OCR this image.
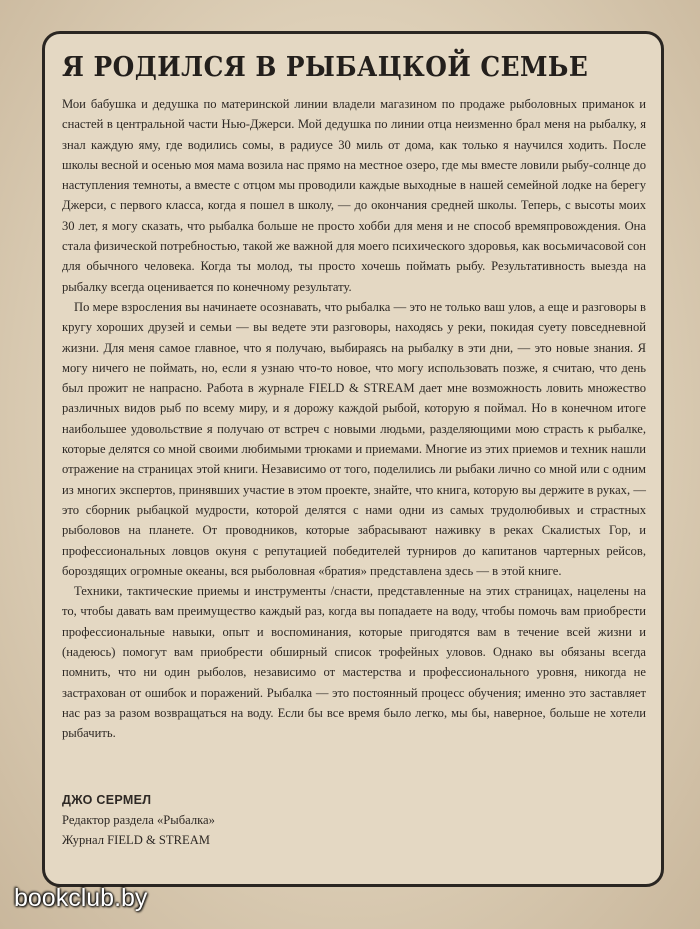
Я РОДИЛСЯ В РЫБАЦКОЙ СЕМЬЕ

Мои бабушка и дедушка по материнской линии владели магазином по продаже рыболовных приманок и снастей в центральной части Нью-Джерси. Мой дедушка по линии отца неизменно брал меня на рыбалку, я знал каждую яму, где водились сомы, в радиусе 30 миль от дома, как только я научился ходить. После школы весной и осенью моя мама возила нас прямо на местное озеро, где мы вместе ловили рыбу-солнце до наступления темноты, а вместе с отцом мы проводили каждые выходные в нашей семейной лодке на берегу Джерси, с первого класса, когда я пошел в школу, — до окончания средней школы. Теперь, с высоты моих 30 лет, я могу сказать, что рыбалка больше не просто хобби для меня и не способ времяпровождения. Она стала физической потребностью, такой же важной для моего психического здоровья, как восьмичасовой сон для обычного человека. Когда ты молод, ты просто хочешь поймать рыбу. Результативность выезда на рыбалку всегда оценивается по конечному результату.

По мере взросления вы начинаете осознавать, что рыбалка — это не только ваш улов, а еще и разговоры в кругу хороших друзей и семьи — вы ведете эти разговоры, находясь у реки, покидая суету повседневной жизни. Для меня самое главное, что я получаю, выбираясь на рыбалку в эти дни, — это новые знания. Я могу ничего не поймать, но, если я узнаю что-то новое, что могу использовать позже, я считаю, что день был прожит не напрасно. Работа в журнале FIELD & STREAM дает мне возможность ловить множество различных видов рыб по всему миру, и я дорожу каждой рыбой, которую я поймал. Но в конечном итоге наибольшее удовольствие я получаю от встреч с новыми людьми, разделяющими мою страсть к рыбалке, которые делятся со мной своими любимыми трюками и приемами. Многие из этих приемов и техник нашли отражение на страницах этой книги. Независимо от того, поделились ли рыбаки лично со мной или с одним из многих экспертов, принявших участие в этом проекте, знайте, что книга, которую вы держите в руках, — это сборник рыбацкой мудрости, которой делятся с нами одни из самых трудолюбивых и страстных рыболовов на планете. От проводников, которые забрасывают наживку в реках Скалистых Гор, и профессиональных ловцов окуня с репутацией победителей турниров до капитанов чартерных рейсов, бороздящих огромные океаны, вся рыболовная «братия» представлена здесь — в этой книге.

Техники, тактические приемы и инструменты /снасти, представленные на этих страницах, нацелены на то, чтобы давать вам преимущество каждый раз, когда вы попадаете на воду, чтобы помочь вам приобрести профессиональные навыки, опыт и воспоминания, которые пригодятся вам в течение всей жизни и (надеюсь) помогут вам приобрести обширный список трофейных уловов. Однако вы обязаны всегда помнить, что ни один рыболов, независимо от мастерства и профессионального уровня, никогда не застрахован от ошибок и поражений. Рыбалка — это постоянный процесс обучения; именно это заставляет нас раз за разом возвращаться на воду. Если бы все время было легко, мы бы, наверное, больше не хотели рыбачить.

ДЖО СЕРМЕЛ
Редактор раздела «Рыбалка»
Журнал FIELD & STREAM
bookclub.by
